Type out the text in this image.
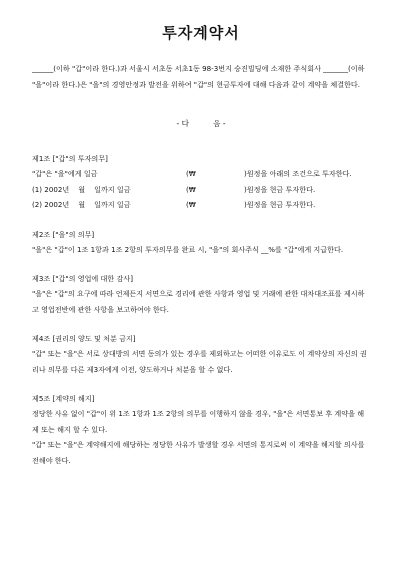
투자계약서

______(이하 "갑"이라 한다.)과 서울시 서초동 서초1동 98-3번지 승진빌딩에 소재한 주식회사 _______(이하 "을"이라 한다.)은 "을"의 경영안정과 발전을 위하여 "갑"의 현금투자에 대해 다음과 같이 계약을 체결한다.

- 다          음 -
제1조 ["갑"의 투자의무]
"갑"은 "을"에게 일금	(₩	)원정을 아래의 조건으로 투자한다.
(1) 2002년    월    일까지 일금	(₩	)원정을 현금 투자한다.
(2) 2002년    월    일까지 일금	(₩	)원정을 현금 투자한다.
제2조 ["을"의 의무]

"을"은 "갑"이 1조 1항과 1조 2항의 투자의무를 완료 시, "을"의 회사주식 __%를 "갑"에게 지급한다.

제3조 ["갑"의 영업에 대한 감사]

"을"은 "갑"의 요구에 따라 언제든지 서면으로 경리에 관한 사항과 영업 및 거래에 관한 대차대조표를 제시하고 영업전반에 관한 사항을 보고하여야 한다.

제4조 [권리의 양도 및 처분 금지]

"갑" 또는 "을"은 서로 상대방의 서면 동의가 있는 경우를 제외하고는 어떠한 이유로도 이 계약상의 자신의 권리나 의무를 다른 제3자에게 이전, 양도하거나 처분을 할 수 없다.

제5조 [계약의 해지]

정당한 사유 없이 "갑"이 위 1조 1항과 1조 2항의 의무를 이행하지 않을 경우, "을"은 서면통보 후 계약을 해제 또는 해지 할 수 있다.

"갑" 또는 "을"은 계약해지에 해당하는 정당한 사유가 발생할 경우 서면의 통지로써 이 계약을 해지할 의사를 전해야 한다.
